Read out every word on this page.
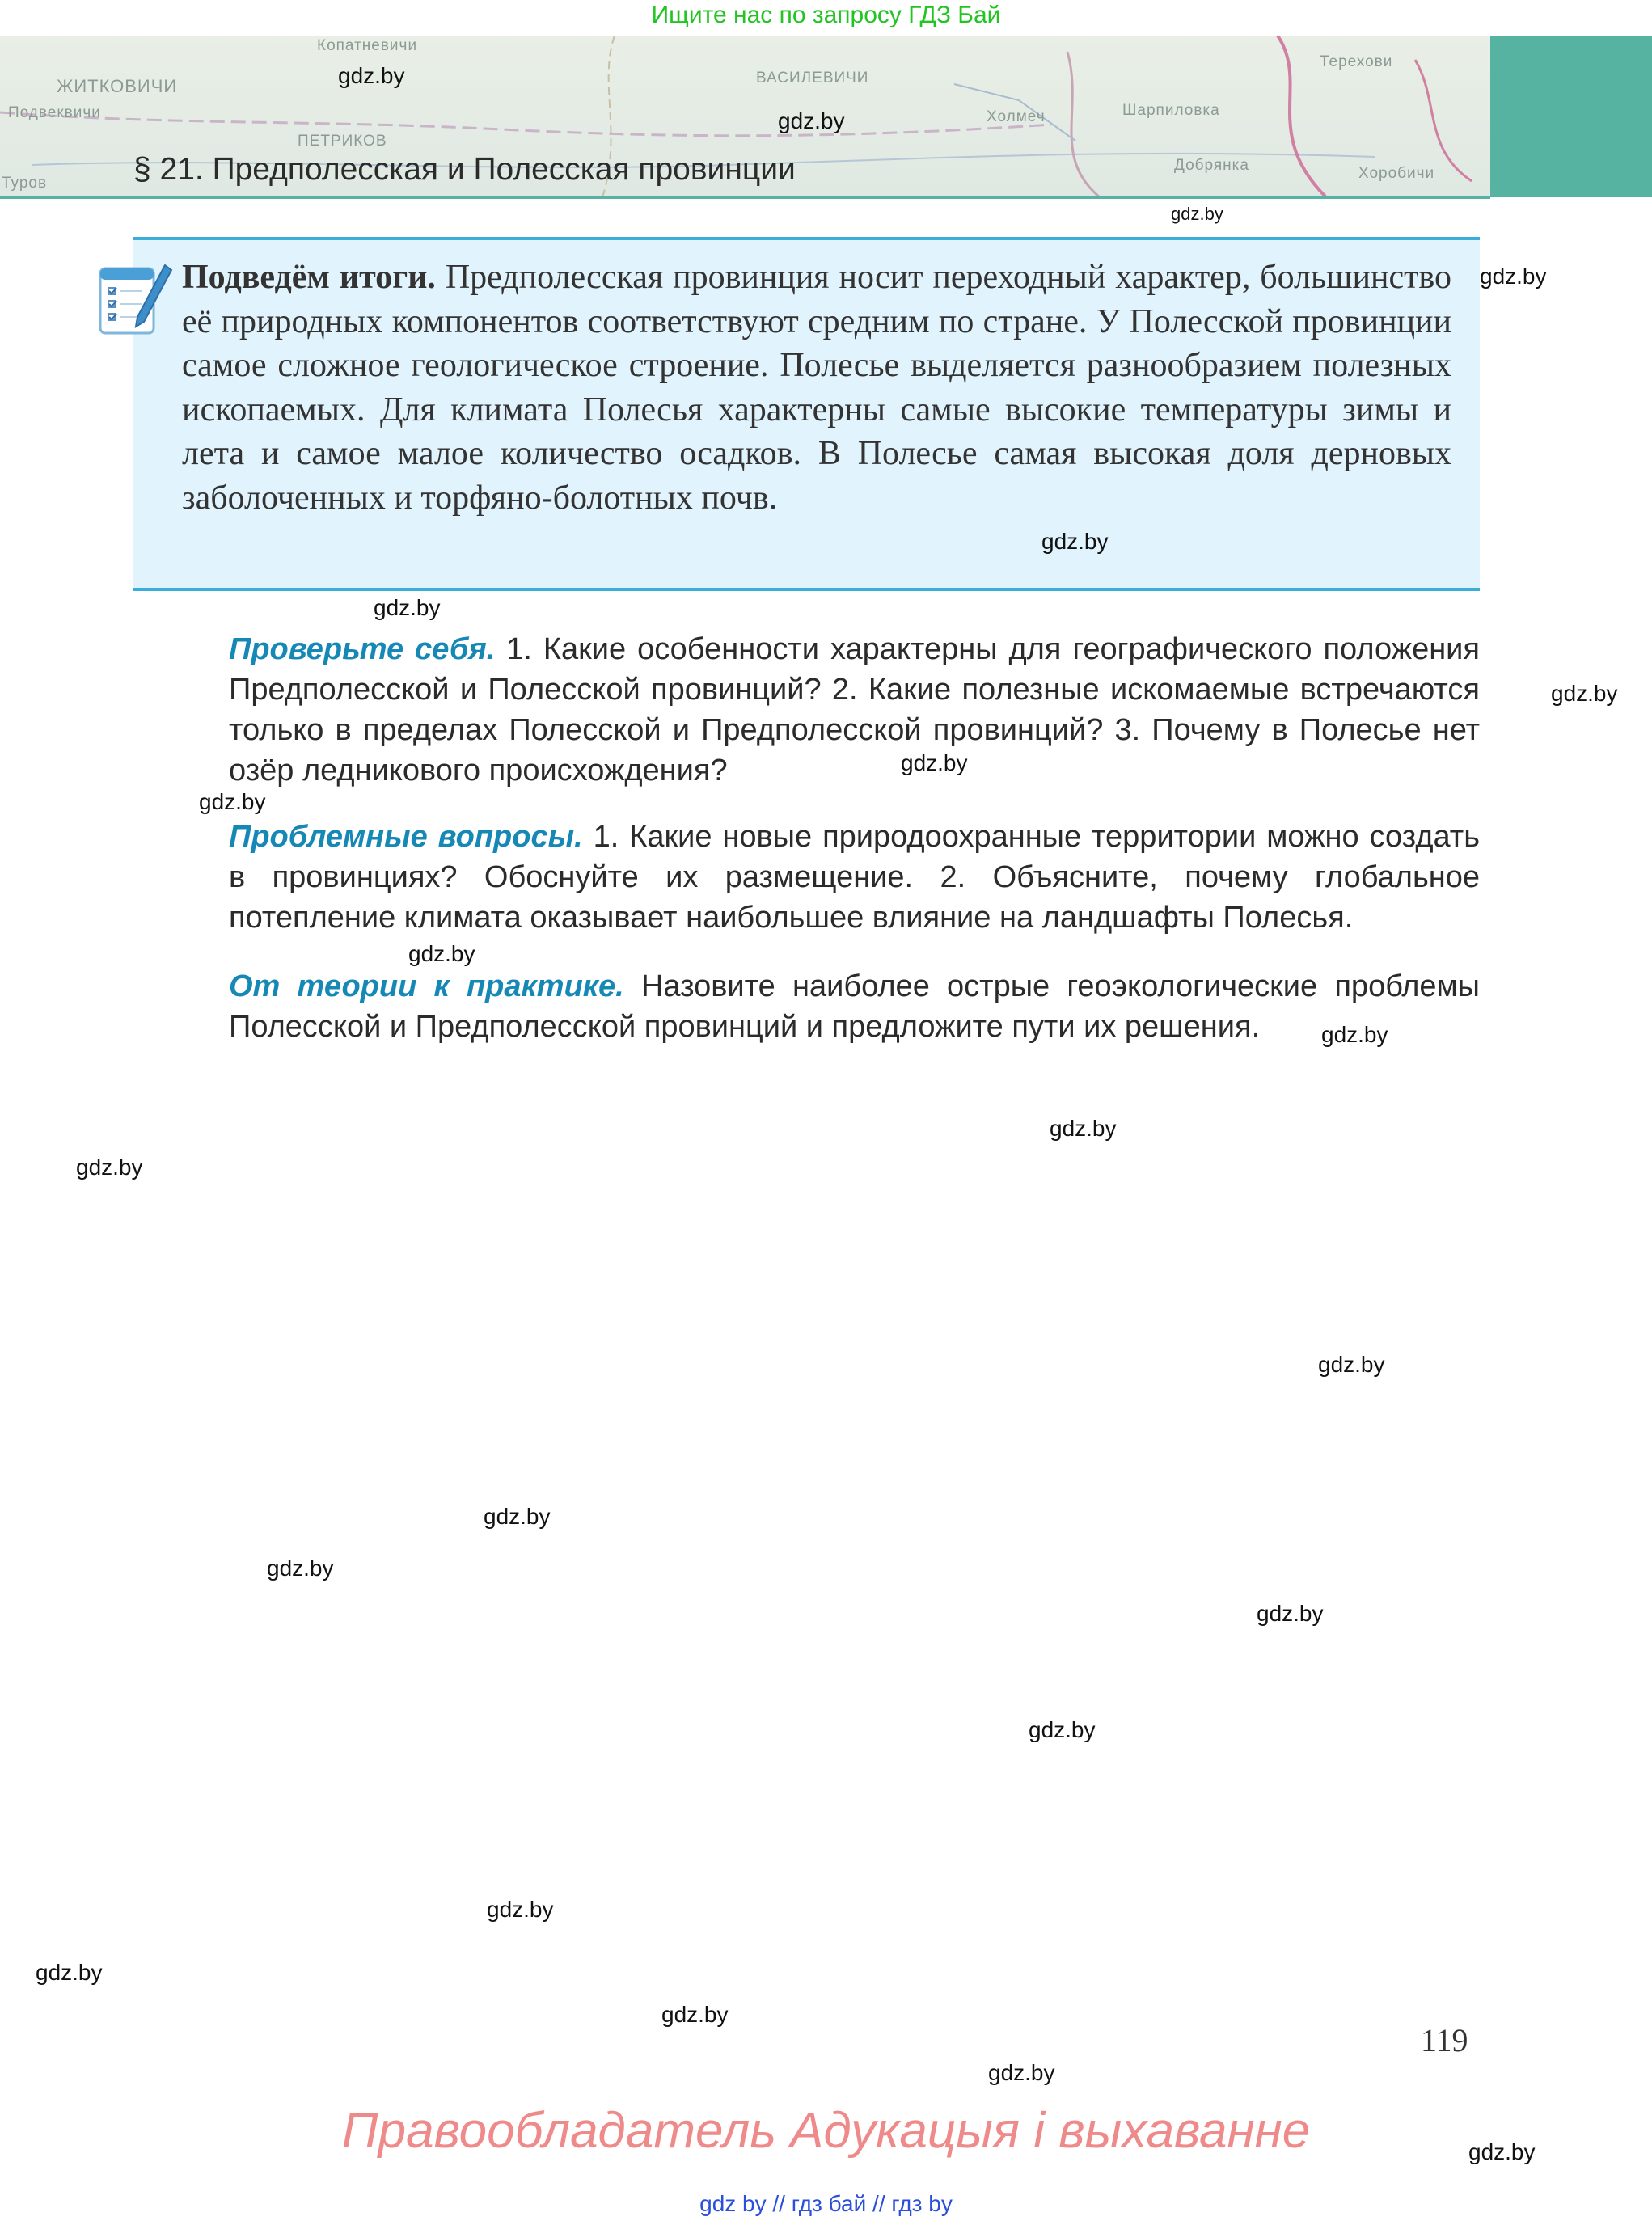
Ищите нас по запросу ГДЗ Бай
Копатневичи
ЖИТКОВИЧИ
Подвеквичи
ПЕТРИКОВ
Туров
ВАСИЛЕВИЧИ
Терехови
Шарпиловка
Добрянка	Хоробичи
Холмеч
§ 21. Предполесская и Полесская провинции
Подведём итоги. Предполесская провинция носит переходный характер, большинство её природных компонентов соответствуют средним по стране. У Полесской провинции самое сложное геологическое строение. Полесье выделяется разнообразием полезных ископаемых. Для климата Полесья характерны самые высокие температуры зимы и лета и самое малое количество осадков. В Полесье самая высокая доля дерновых заболоченных и торфяно-болотных почв.
Проверьте себя. 1. Какие особенности характерны для географического положения Предполесской и Полесской провинций? 2. Какие полезные искомаемые встречаются только в пределах Полесской и Предполесской провинций? 3. Почему в Полесье нет озёр ледникового происхождения?
Проблемные вопросы. 1. Какие новые природоохранные территории можно создать в провинциях? Обоснуйте их размещение. 2. Объясните, почему глобальное потепление климата оказывает наибольшее влияние на ландшафты Полесья.
От теории к практике. Назовите наиболее острые геоэкологические проблемы Полесской и Предполесской провинций и предложите пути их решения.
gdz.by
gdz.by
gdz.by
gdz.by
gdz.by
gdz.by
gdz.by
gdz.by
gdz.by
gdz.by
gdz.by
gdz.by
gdz.by
gdz.by
gdz.by
gdz.by
gdz.by
gdz.by
gdz.by
gdz.by
gdz.by
gdz.by
gdz.by
119
Правообладатель Адукацыя і выхаванне
gdz by // гдз бай // гдз by
